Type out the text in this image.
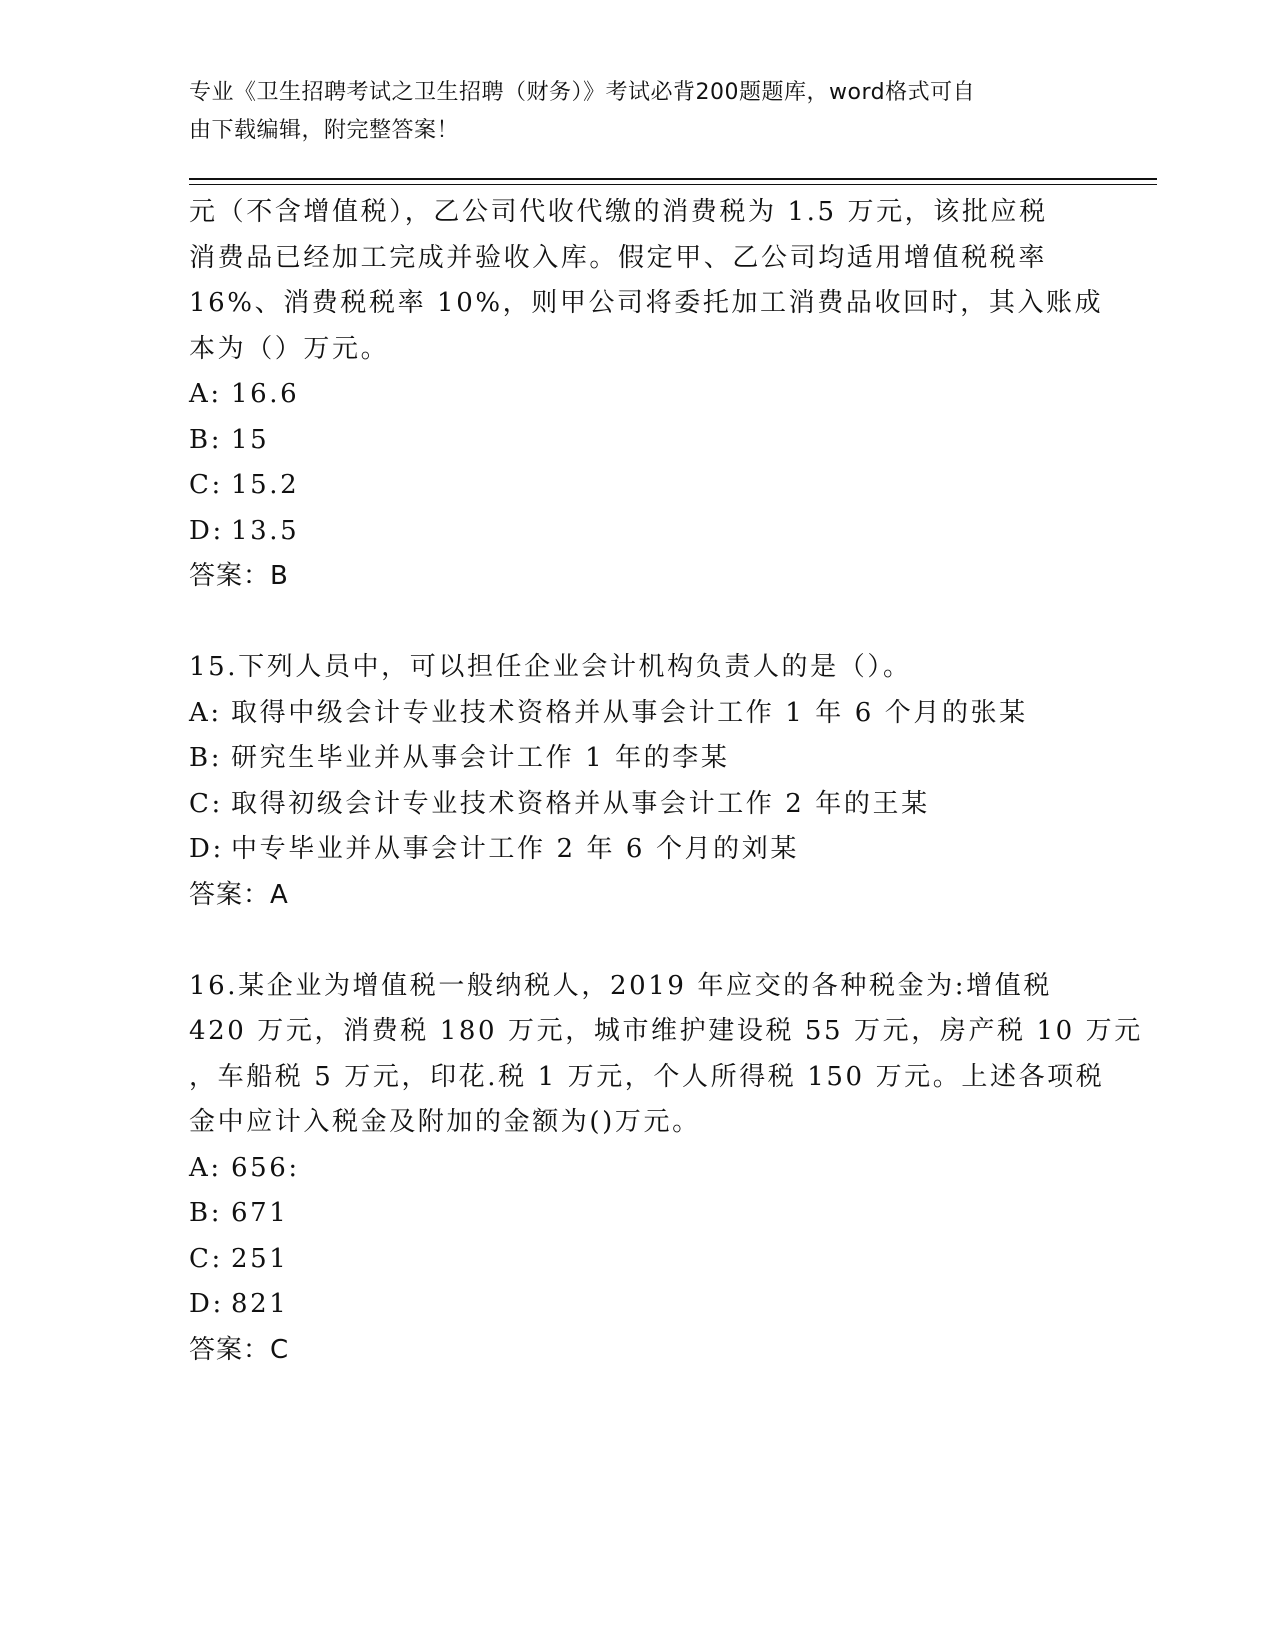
专业《卫生招聘考试之卫生招聘（财务）》考试必背200题题库，word格式可自
由下载编辑，附完整答案！
元（不含增值税），乙公司代收代缴的消费税为 1.5 万元，该批应税
消费品已经加工完成并验收入库。假定甲、乙公司均适用增值税税率
16%、消费税税率 10%，则甲公司将委托加工消费品收回时，其入账成
本为（）万元。
A: 16.6
B: 15
C: 15.2
D: 13.5
答案：B
15.下列人员中，可以担任企业会计机构负责人的是（）。
A: 取得中级会计专业技术资格并从事会计工作 1 年 6 个月的张某
B: 研究生毕业并从事会计工作 1 年的李某
C: 取得初级会计专业技术资格并从事会计工作 2 年的王某
D: 中专毕业并从事会计工作 2 年 6 个月的刘某
答案：A
16.某企业为增值税一般纳税人，2019 年应交的各种税金为:增值税
420 万元，消费税 180 万元，城市维护建设税 55 万元，房产税 10 万元
，车船税 5 万元，印花.税 1 万元，个人所得税 150 万元。上述各项税
金中应计入税金及附加的金额为()万元。
A: 656:
B: 671
C: 251
D: 821
答案：C
